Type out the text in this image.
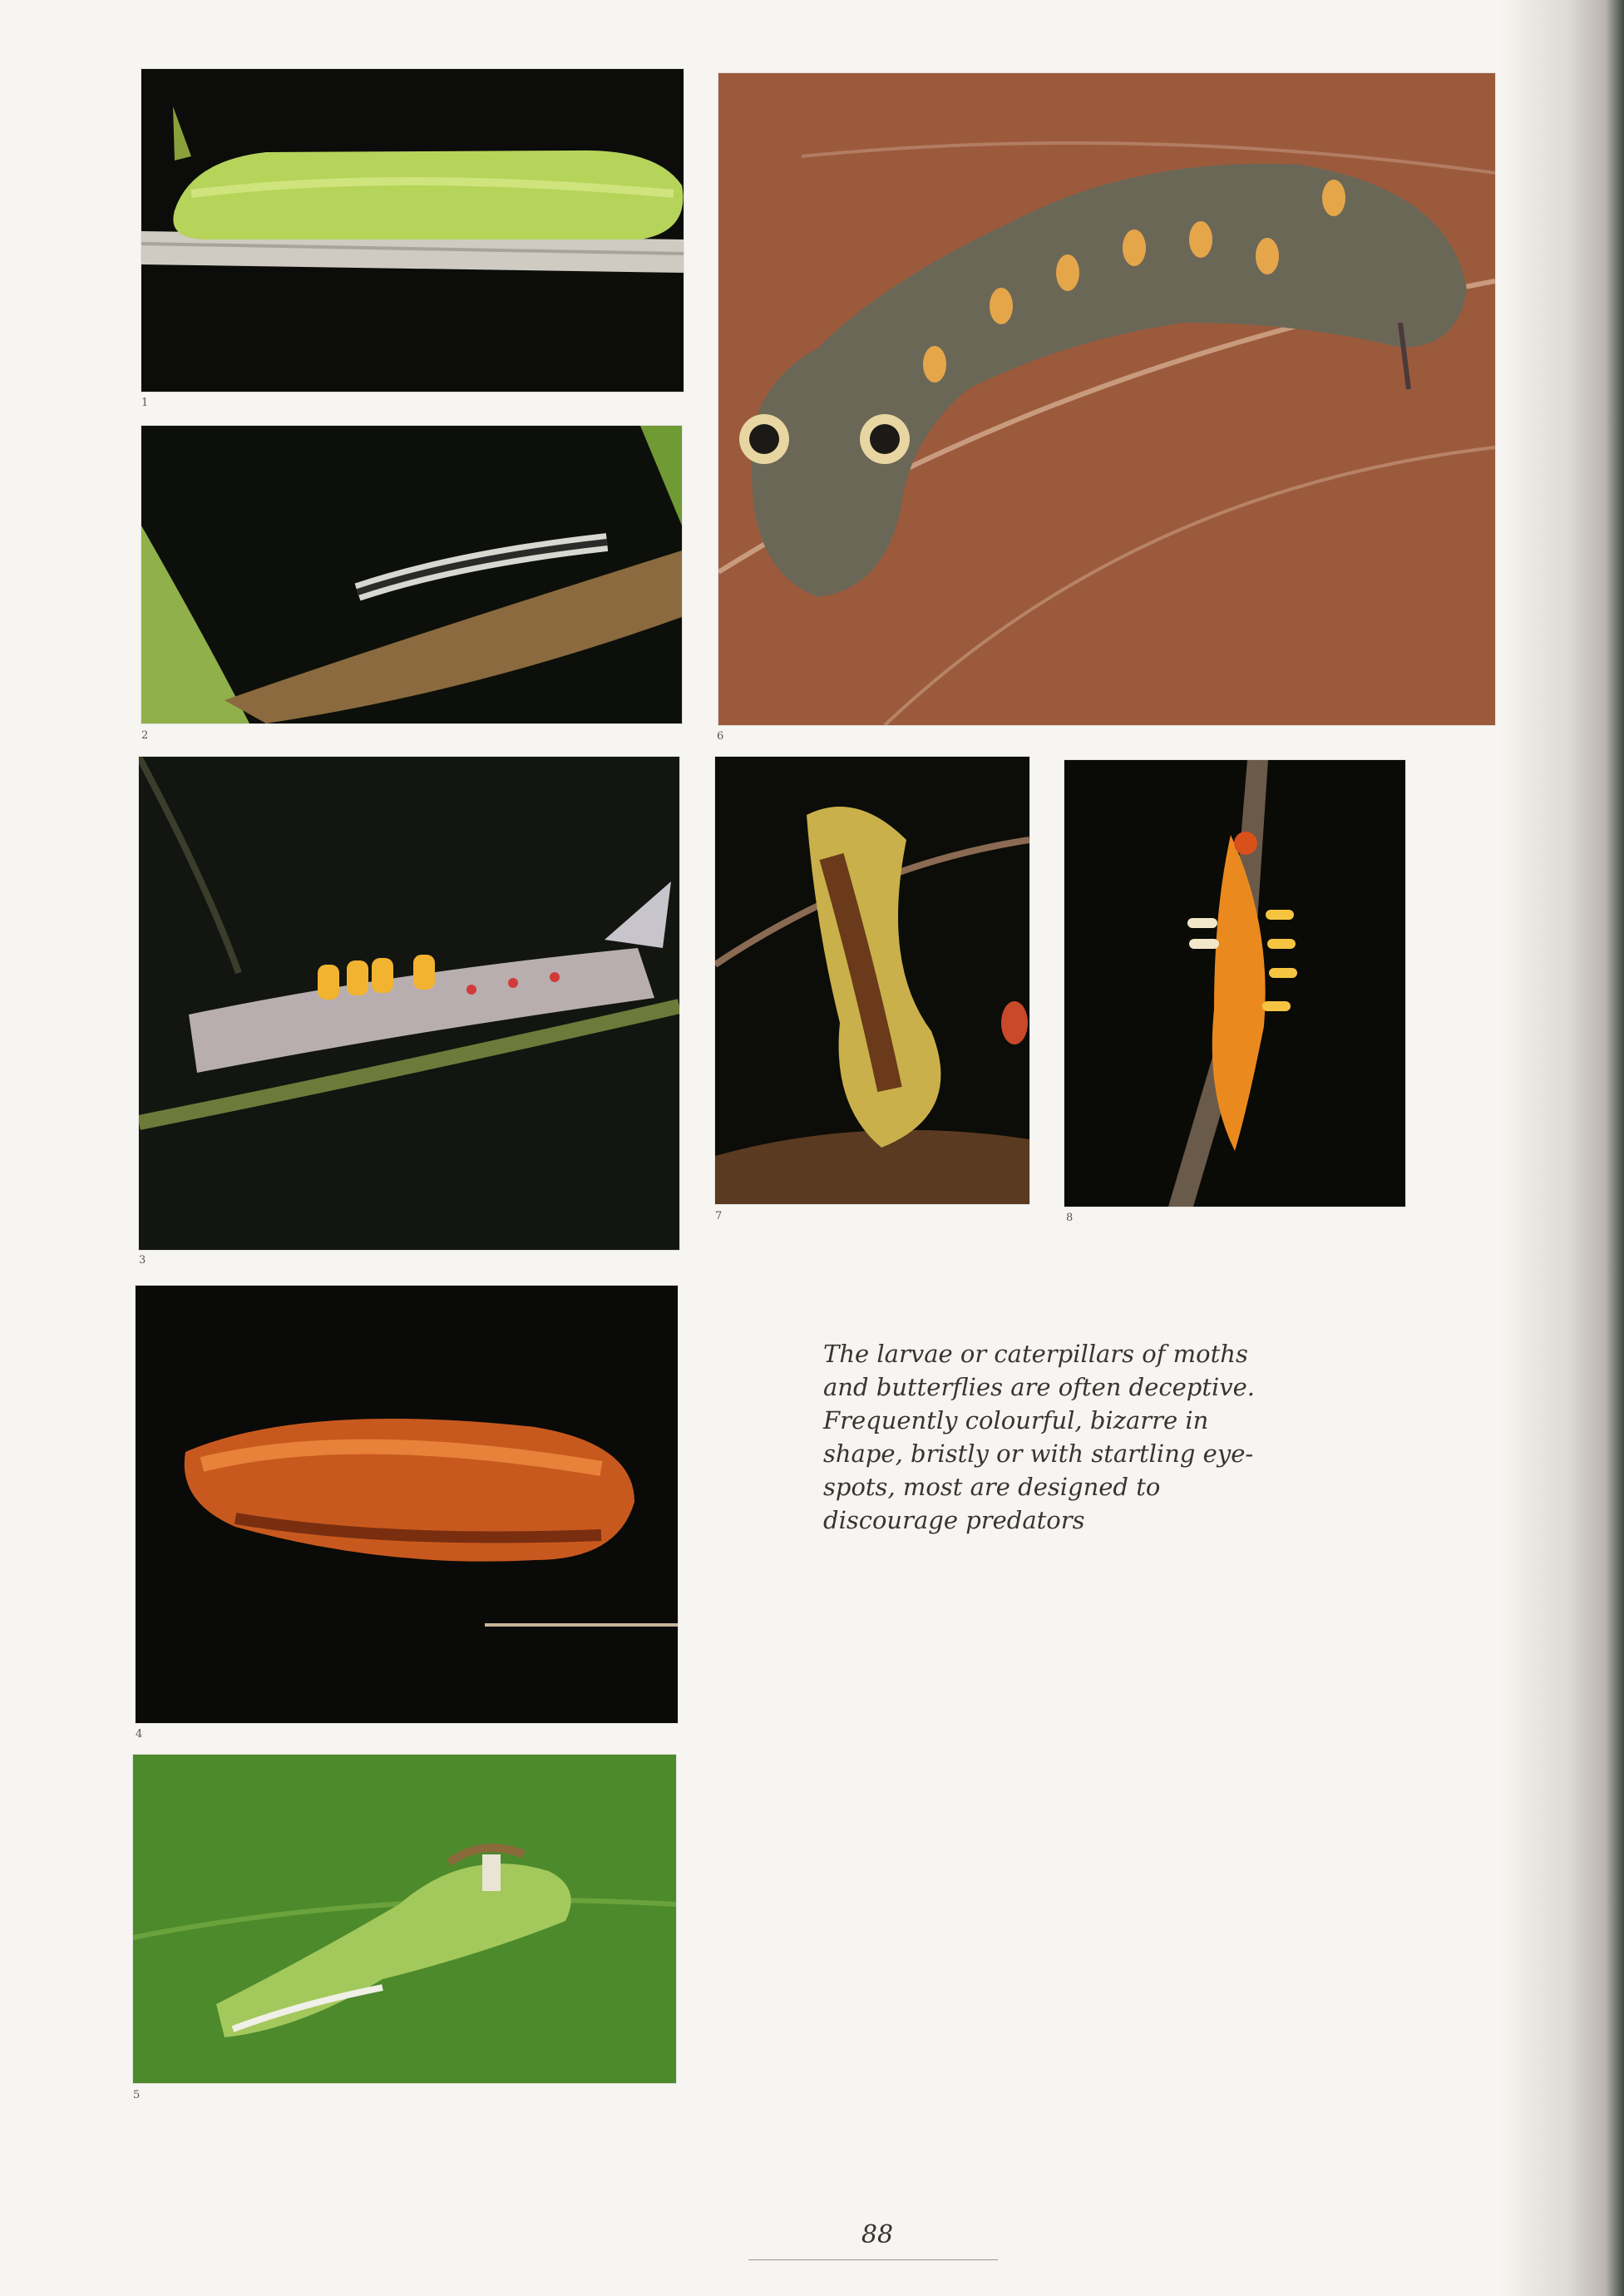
1
2
3
4
5
6
7	8
The larvae or caterpillars of moths
and butterflies are often deceptive.
Frequently colourful, bizarre in
shape, bristly or with startling eye-
spots, most are designed to
discourage predators
88
